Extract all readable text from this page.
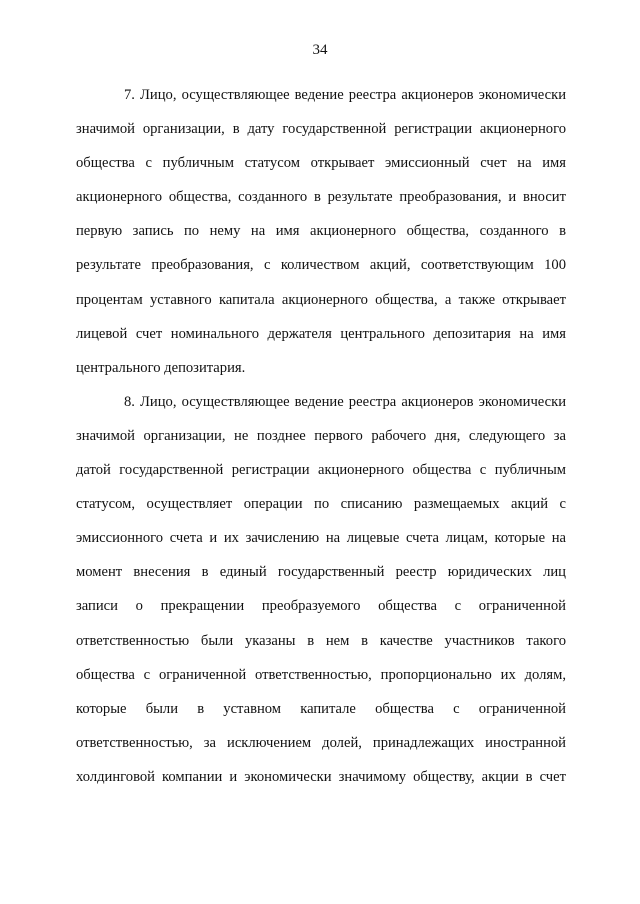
34
7. Лицо, осуществляющее ведение реестра акционеров экономически
значимой организации, в дату государственной регистрации акционерного
общества с публичным статусом открывает эмиссионный счет на имя
акционерного общества, созданного в результате преобразования, и вносит
первую запись по нему на имя акционерного общества, созданного в
результате преобразования, с количеством акций, соответствующим 100
процентам уставного капитала акционерного общества, а также открывает
лицевой счет номинального держателя центрального депозитария на имя
центрального депозитария.
8. Лицо, осуществляющее ведение реестра акционеров экономически
значимой организации, не позднее первого рабочего дня, следующего за
датой государственной регистрации акционерного общества с публичным
статусом, осуществляет операции по списанию размещаемых акций с
эмиссионного счета и их зачислению на лицевые счета лицам, которые на
момент внесения в единый государственный реестр юридических лиц
записи о прекращении преобразуемого общества с ограниченной
ответственностью были указаны в нем в качестве участников такого
общества с ограниченной ответственностью, пропорционально их долям,
которые были в уставном капитале общества с ограниченной
ответственностью, за исключением долей, принадлежащих иностранной
холдинговой компании и экономически значимому обществу, акции в счет
